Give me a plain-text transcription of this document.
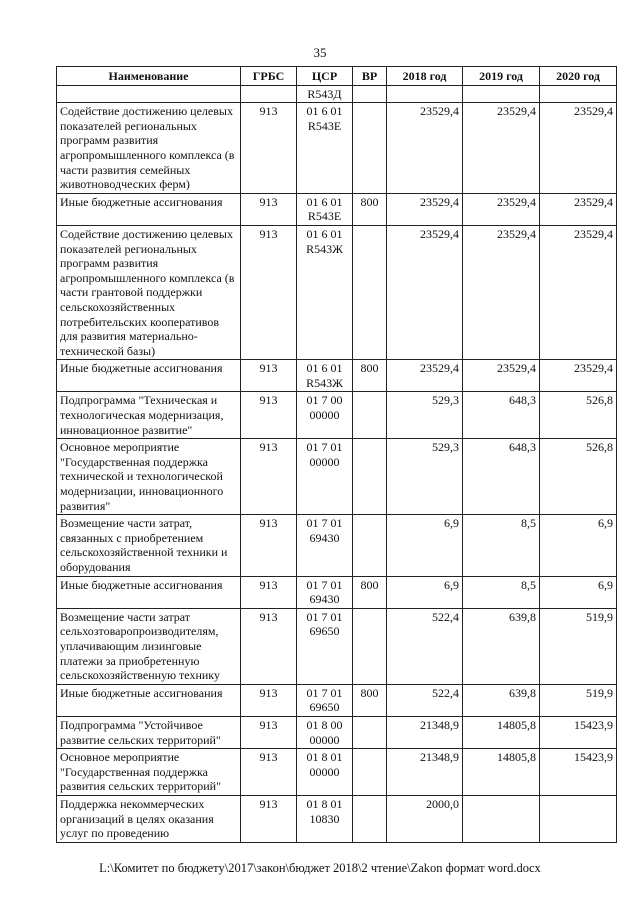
35
Наименование	ГРБС	ЦСР	ВР	2018 год	2019 год	2020 год
		R543Д				
Содействие достижению целевых показателей региональных программ развития агропромышленного комплекса (в части развития семейных животноводческих ферм)	913	01 6 01 R543Е		23529,4	23529,4	23529,4
Иные бюджетные ассигнования	913	01 6 01 R543Е	800	23529,4	23529,4	23529,4
Содействие достижению целевых показателей региональных программ развития агропромышленного комплекса (в части грантовой поддержки сельскохозяйственных потребительских кооперативов для развития материально-технической базы)	913	01 6 01 R543Ж		23529,4	23529,4	23529,4
Иные бюджетные ассигнования	913	01 6 01 R543Ж	800	23529,4	23529,4	23529,4
Подпрограмма "Техническая и технологическая модернизация, инновационное развитие"	913	01 7 00 00000		529,3	648,3	526,8
Основное мероприятие "Государственная поддержка технической и технологической модернизации, инновационного развития"	913	01 7 01 00000		529,3	648,3	526,8
Возмещение части затрат, связанных с приобретением сельскохозяйственной техники и оборудования	913	01 7 01 69430		6,9	8,5	6,9
Иные бюджетные ассигнования	913	01 7 01 69430	800	6,9	8,5	6,9
Возмещение части затрат сельхозтоваропроизводителям, уплачивающим лизинговые платежи за приобретенную сельскохозяйственную технику	913	01 7 01 69650		522,4	639,8	519,9
Иные бюджетные ассигнования	913	01 7 01 69650	800	522,4	639,8	519,9
Подпрограмма "Устойчивое развитие сельских территорий"	913	01 8 00 00000		21348,9	14805,8	15423,9
Основное мероприятие "Государственная поддержка развития сельских территорий"	913	01 8 01 00000		21348,9	14805,8	15423,9
Поддержка некоммерческих организаций в целях оказания услуг по проведению	913	01 8 01 10830		2000,0		
L:\Комитет по бюджету\2017\закон\бюджет 2018\2 чтение\Zakon формат word.docx
